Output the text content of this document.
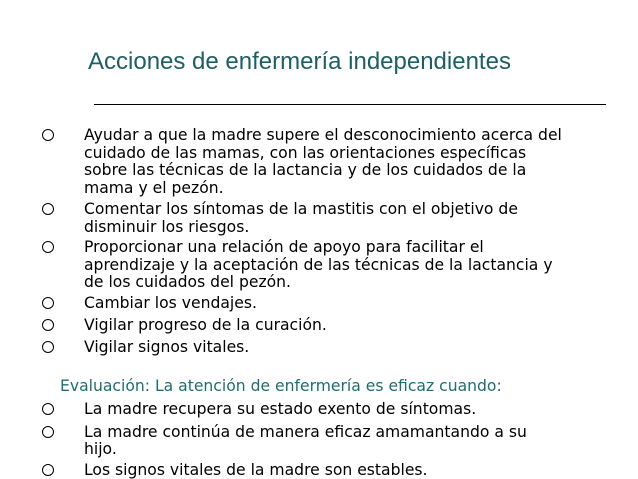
Acciones de enfermería independientes
Ayudar a que la madre supere el desconocimiento acerca del
cuidado de las mamas, con las orientaciones específicas
sobre las técnicas de la lactancia y de los cuidados de la
mama y el pezón.
Comentar los síntomas de la mastitis con el objetivo de
disminuir los riesgos.
Proporcionar una relación de apoyo para facilitar el
aprendizaje y la aceptación de las técnicas de la lactancia y
de los cuidados del pezón.
Cambiar los vendajes.
Vigilar progreso de la curación.
Vigilar signos vitales.
Evaluación: La atención de enfermería es eficaz cuando:
La madre recupera su estado exento de síntomas.
La madre continúa de manera eficaz amamantando a su
hijo.
Los signos vitales de la madre son estables.
